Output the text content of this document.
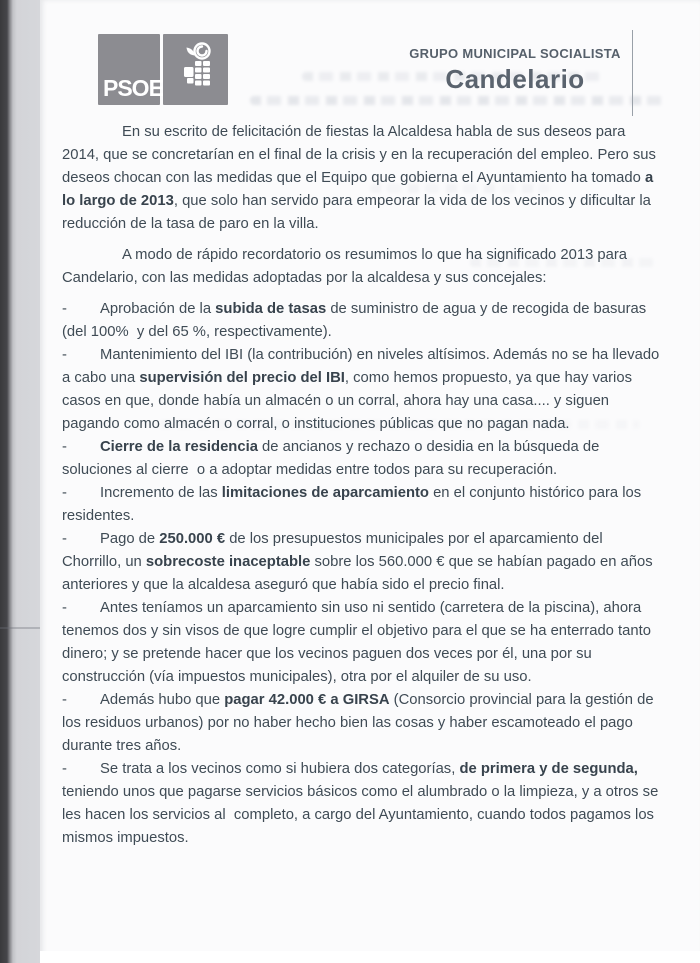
PSOE
GRUPO MUNICIPAL SOCIALISTA
Candelario
En su escrito de felicitación de fiestas la Alcaldesa habla de sus deseos para 2014, que se concretarían en el final de la crisis y en la recuperación del empleo. Pero sus deseos chocan con las medidas que el Equipo que gobierna el Ayuntamiento ha tomado a lo largo de 2013, que solo han servido para empeorar la vida de los vecinos y dificultar la reducción de la tasa de paro en la villa.
A modo de rápido recordatorio os resumimos lo que ha significado 2013 para Candelario, con las medidas adoptadas por la alcaldesa y sus concejales:
- Aprobación de la subida de tasas de suministro de agua y de recogida de basuras  (del 100%  y del 65 %, respectivamente).
- Mantenimiento del IBI (la contribución) en niveles altísimos. Además no se ha llevado a cabo una supervisión del precio del IBI, como hemos propuesto, ya que hay varios casos en que, donde había un almacén o un corral, ahora hay una casa.... y siguen pagando como almacén o corral, o instituciones públicas que no pagan nada.
- Cierre de la residencia de ancianos y rechazo o desidia en la búsqueda de soluciones al cierre  o a adoptar medidas entre todos para su recuperación.
- Incremento de las limitaciones de aparcamiento en el conjunto histórico para los residentes.
- Pago de 250.000 € de los presupuestos municipales por el aparcamiento del Chorrillo, un sobrecoste inaceptable sobre los 560.000 € que se habían pagado en años anteriores y que la alcaldesa aseguró que había sido el precio final.
- Antes teníamos un aparcamiento sin uso ni sentido (carretera de la piscina), ahora tenemos dos y sin visos de que logre cumplir el objetivo para el que se ha enterrado tanto dinero; y se pretende hacer que los vecinos paguen dos veces por él, una por su construcción (vía impuestos municipales), otra por el alquiler de su uso.
- Además hubo que pagar 42.000 € a GIRSA (Consorcio provincial para la gestión de los residuos urbanos) por no haber hecho bien las cosas y haber escamoteado el pago durante tres años.
- Se trata a los vecinos como si hubiera dos categorías, de primera y de segunda, teniendo unos que pagarse servicios básicos como el alumbrado o la limpieza, y a otros se les hacen los servicios al  completo, a cargo del Ayuntamiento, cuando todos pagamos los mismos impuestos.
